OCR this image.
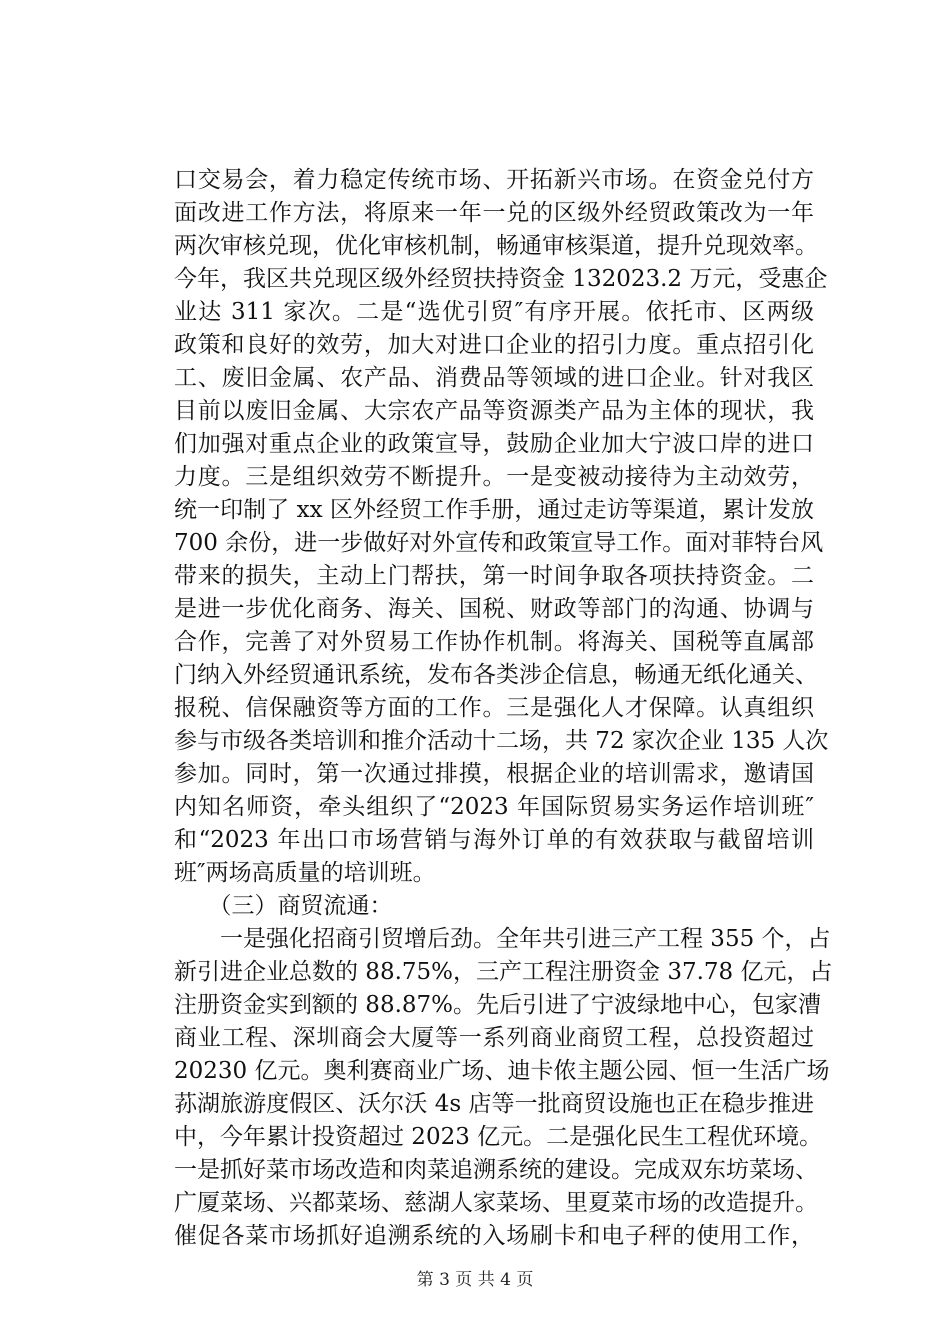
口交易会，着力稳定传统市场、开拓新兴市场。在资金兑付方
面改进工作方法，将原来一年一兑的区级外经贸政策改为一年
两次审核兑现，优化审核机制，畅通审核渠道，提升兑现效率。
今年，我区共兑现区级外经贸扶持资金 132023.2 万元，受惠企
业达 311 家次。二是“选优引贸″有序开展。依托市、区两级
政策和良好的效劳，加大对进口企业的招引力度。重点招引化
工、废旧金属、农产品、消费品等领域的进口企业。针对我区
目前以废旧金属、大宗农产品等资源类产品为主体的现状，我
们加强对重点企业的政策宣导，鼓励企业加大宁波口岸的进口
力度。三是组织效劳不断提升。一是变被动接待为主动效劳，
统一印制了 xx 区外经贸工作手册，通过走访等渠道，累计发放
700 余份，进一步做好对外宣传和政策宣导工作。面对菲特台风
带来的损失，主动上门帮扶，第一时间争取各项扶持资金。二
是进一步优化商务、海关、国税、财政等部门的沟通、协调与
合作，完善了对外贸易工作协作机制。将海关、国税等直属部
门纳入外经贸通讯系统，发布各类涉企信息，畅通无纸化通关、
报税、信保融资等方面的工作。三是强化人才保障。认真组织
参与市级各类培训和推介活动十二场，共 72 家次企业 135 人次
参加。同时，第一次通过排摸，根据企业的培训需求，邀请国
内知名师资，牵头组织了“2023 年国际贸易实务运作培训班″
和“2023 年出口市场营销与海外订单的有效获取与截留培训
班″两场高质量的培训班。
　　（三）商贸流通：
　　一是强化招商引贸增后劲。全年共引进三产工程 355 个，占
新引进企业总数的 88.75%，三产工程注册资金 37.78 亿元，占
注册资金实到额的 88.87%。先后引进了宁波绿地中心，包家漕
商业工程、深圳商会大厦等一系列商业商贸工程，总投资超过
20230 亿元。奥利赛商业广场、迪卡侬主题公园、恒一生活广场
荪湖旅游度假区、沃尔沃 4s 店等一批商贸设施也正在稳步推进
中，今年累计投资超过 2023 亿元。二是强化民生工程优环境。
一是抓好菜市场改造和肉菜追溯系统的建设。完成双东坊菜场、
广厦菜场、兴都菜场、慈湖人家菜场、里夏菜市场的改造提升。
催促各菜市场抓好追溯系统的入场刷卡和电子秤的使用工作，
第 3 页 共 4 页
